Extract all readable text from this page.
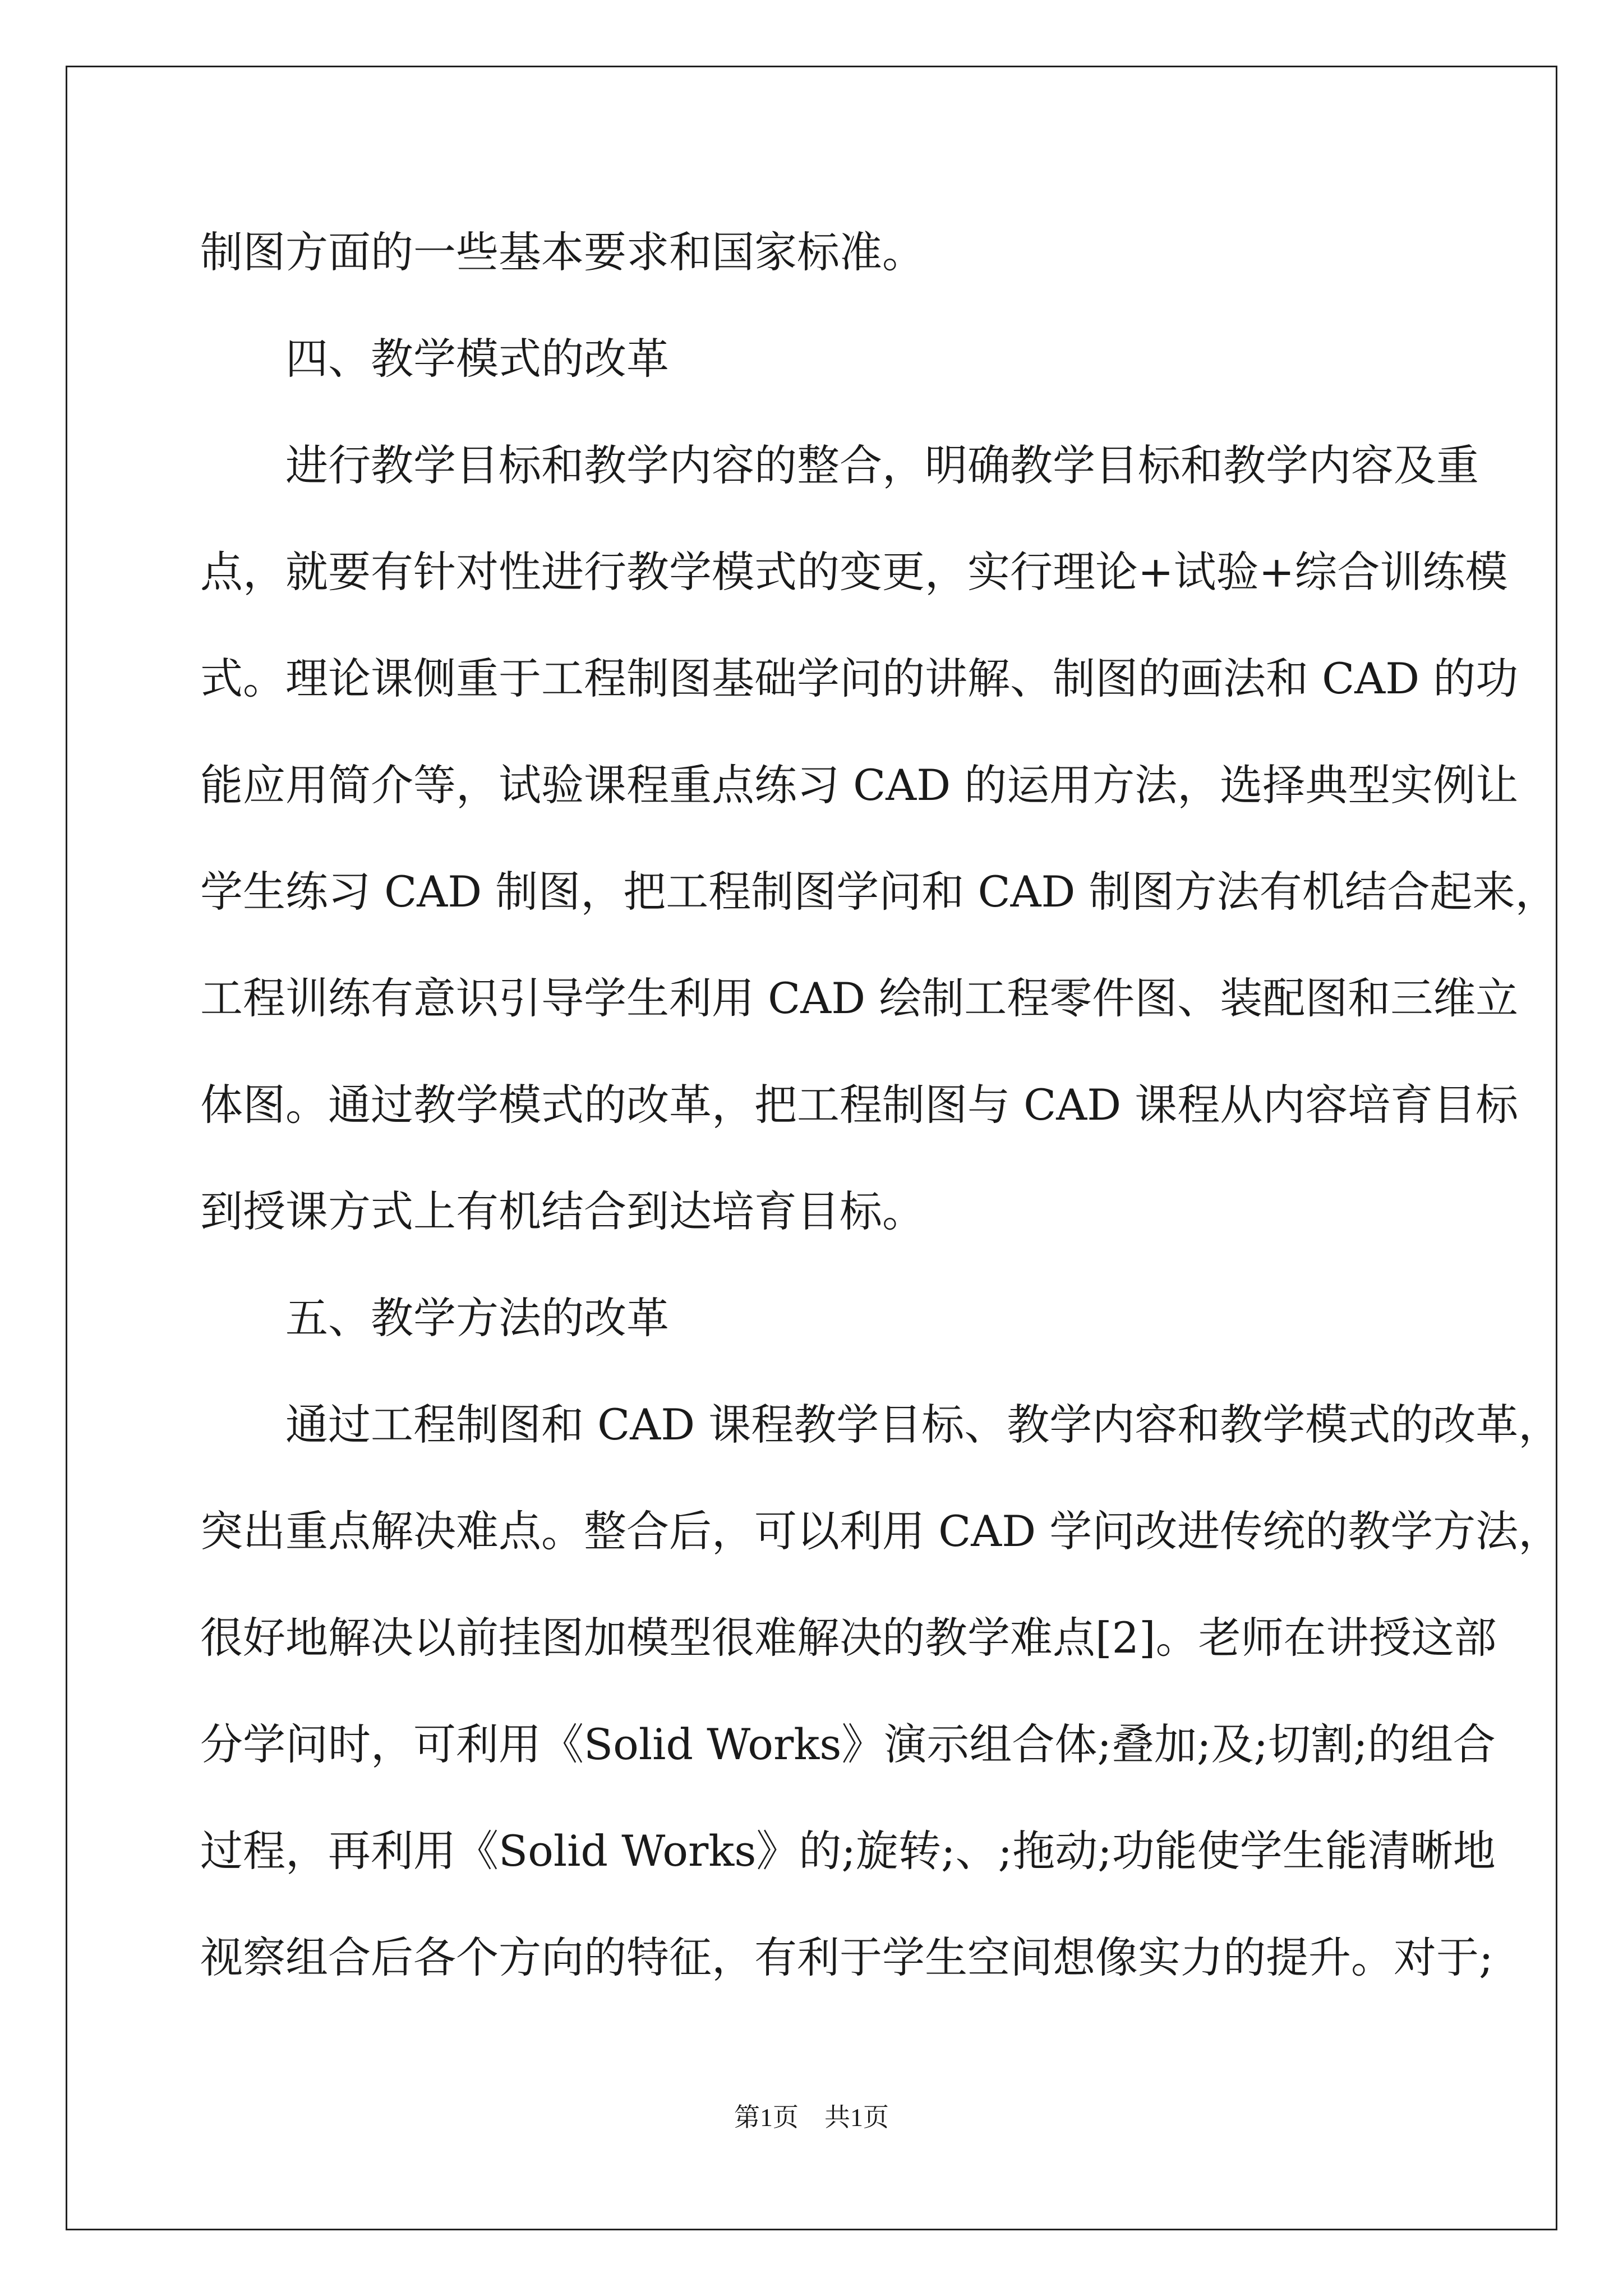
制图方面的一些基本要求和国家标准。
四、教学模式的改革
进行教学目标和教学内容的整合，明确教学目标和教学内容及重
点，就要有针对性进行教学模式的变更，实行理论+试验+综合训练模
式。理论课侧重于工程制图基础学问的讲解、制图的画法和 CAD 的功
能应用简介等，试验课程重点练习 CAD 的运用方法，选择典型实例让
学生练习 CAD 制图，把工程制图学问和 CAD 制图方法有机结合起来，
工程训练有意识引导学生利用 CAD 绘制工程零件图、装配图和三维立
体图。通过教学模式的改革，把工程制图与 CAD 课程从内容培育目标
到授课方式上有机结合到达培育目标。
五、教学方法的改革
通过工程制图和 CAD 课程教学目标、教学内容和教学模式的改革，
突出重点解决难点。整合后，可以利用 CAD 学问改进传统的教学方法，
很好地解决以前挂图加模型很难解决的教学难点[2]。老师在讲授这部
分学问时，可利用《Solid Works》演示组合体;叠加;及;切割;的组合
过程，再利用《Solid Works》的;旋转;、;拖动;功能使学生能清晰地
视察组合后各个方向的特征，有利于学生空间想像实力的提升。对于;
第1页　共1页
